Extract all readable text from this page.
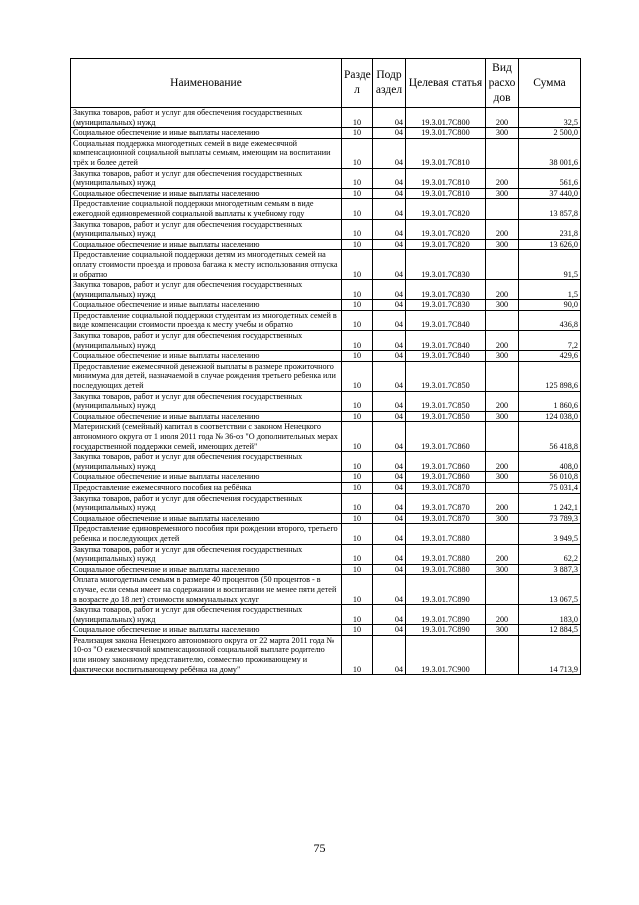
Наименование	Разде л	Подр аздел	Целевая статья	Вид расхо дов	Сумма
Закупка товаров, работ и услуг для обеспечения государственных (муниципальных) нужд	10	04	19.3.01.7С800	200	32,5
Социальное обеспечение и иные выплаты населению	10	04	19.3.01.7С800	300	2 500,0
Социальная поддержка многодетных семей в виде ежемесячной компенсационной социальной выплаты семьям, имеющим на воспитании трёх и более детей	10	04	19.3.01.7С810		38 001,6
Закупка товаров, работ и услуг для обеспечения государственных (муниципальных) нужд	10	04	19.3.01.7С810	200	561,6
Социальное обеспечение и иные выплаты населению	10	04	19.3.01.7С810	300	37 440,0
Предоставление социальной поддержки многодетным семьям в виде ежегодной единовременной социальной выплаты к учебному году	10	04	19.3.01.7С820		13 857,8
Закупка товаров, работ и услуг для обеспечения государственных (муниципальных) нужд	10	04	19.3.01.7С820	200	231,8
Социальное обеспечение и иные выплаты населению	10	04	19.3.01.7С820	300	13 626,0
Предоставление социальной поддержки детям из многодетных семей на оплату стоимости проезда и провоза багажа к месту использования отпуска и обратно	10	04	19.3.01.7С830		91,5
Закупка товаров, работ и услуг для обеспечения государственных (муниципальных) нужд	10	04	19.3.01.7С830	200	1,5
Социальное обеспечение и иные выплаты населению	10	04	19.3.01.7С830	300	90,0
Предоставление социальной поддержки студентам из многодетных семей в виде компенсации стоимости проезда к месту учебы и обратно	10	04	19.3.01.7С840		436,8
Закупка товаров, работ и услуг для обеспечения государственных (муниципальных) нужд	10	04	19.3.01.7С840	200	7,2
Социальное обеспечение и иные выплаты населению	10	04	19.3.01.7С840	300	429,6
Предоставление ежемесячной денежной выплаты в размере прожиточного минимума для детей, назначаемой в случае рождения третьего ребенка или последующих детей	10	04	19.3.01.7С850		125 898,6
Закупка товаров, работ и услуг для обеспечения государственных (муниципальных) нужд	10	04	19.3.01.7С850	200	1 860,6
Социальное обеспечение и иные выплаты населению	10	04	19.3.01.7С850	300	124 038,0
Материнский (семейный) капитал в соответствии с законом Ненецкого автономного округа от 1 июля 2011 года № 36-оз "О дополнительных мерах государственной поддержки семей, имеющих детей"	10	04	19.3.01.7С860		56 418,8
Закупка товаров, работ и услуг для обеспечения государственных (муниципальных) нужд	10	04	19.3.01.7С860	200	408,0
Социальное обеспечение и иные выплаты населению	10	04	19.3.01.7С860	300	56 010,8
Предоставление ежемесячного пособия на ребёнка	10	04	19.3.01.7С870		75 031,4
Закупка товаров, работ и услуг для обеспечения государственных (муниципальных) нужд	10	04	19.3.01.7С870	200	1 242,1
Социальное обеспечение и иные выплаты населению	10	04	19.3.01.7С870	300	73 789,3
Предоставление единовременного пособия при рождении второго, третьего ребенка и последующих детей	10	04	19.3.01.7С880		3 949,5
Закупка товаров, работ и услуг для обеспечения государственных (муниципальных) нужд	10	04	19.3.01.7С880	200	62,2
Социальное обеспечение и иные выплаты населению	10	04	19.3.01.7С880	300	3 887,3
Оплата многодетным семьям в размере 40 процентов (50 процентов - в случае, если семья имеет на содержании и воспитании не менее пяти детей в возрасте до 18 лет) стоимости коммунальных услуг	10	04	19.3.01.7С890		13 067,5
Закупка товаров, работ и услуг для обеспечения государственных (муниципальных) нужд	10	04	19.3.01.7С890	200	183,0
Социальное обеспечение и иные выплаты населению	10	04	19.3.01.7С890	300	12 884,5
Реализация закона Ненецкого автономного округа от 22 марта 2011 года № 10-оз "О ежемесячной компенсационной социальной выплате родителю или иному законному представителю, совместно проживающему и фактически воспитывающему ребёнка на дому"	10	04	19.3.01.7С900		14 713,9
75
